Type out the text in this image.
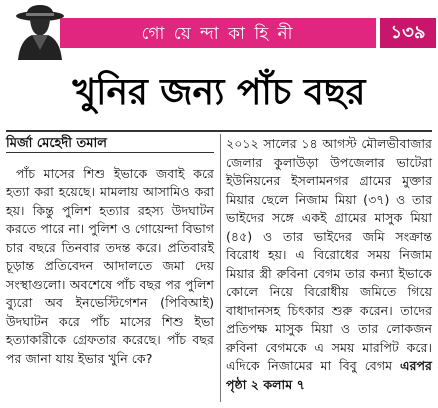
গো য়ে ন্দা কা হি নী	১৩৯
খুনির জন্য পাঁচ বছর

মির্জা মেহেদী তমাল

পাঁচ মাসের শিশু ইভাকে জবাই করে হত্যা করা হয়েছে। মামলায় আসামিও করা হয়। কিন্তু পুলিশ হত্যার রহস্য উদঘাটন করতে পারে না। পুলিশ ও গোয়েন্দা বিভাগ চার বছরে তিনবার তদন্ত করে। প্রতিবারই চূড়ান্ত প্রতিবেদন আদালতে জমা দেয় সংস্থাগুলো। অবশেষে পাঁচ বছর পর পুলিশ ব্যুরো অব ইনভেস্টিগেশন (পিবিআই) উদঘাটন করে পাঁচ মাসের শিশু ইভা হত্যাকারীকে গ্রেফতার করেছে। পাঁচ বছর পর জানা যায় ইভার খুনি কে?

২০১২ সালের ১৪ আগস্ট মৌলভীবাজার জেলার কুলাউড়া উপজেলার ভাটেরা ইউনিয়নের ইসলামনগর গ্রামের মুক্তার মিয়ার ছেলে নিজাম মিয়া (৩৭) ও তার ভাইদের সঙ্গে একই গ্রামের মাসুক মিয়া (৪৫) ও তার ভাইদের জমি সংক্রান্ত বিরোধ হয়। এ বিরোধের সময় নিজাম মিয়ার স্ত্রী রুবিনা বেগম তার কন্যা ইভাকে কোলে নিয়ে বিরোধীয় জমিতে গিয়ে বাধাদানসহ চিৎকার শুরু করেন। তাদের প্রতিপক্ষ মাসুক মিয়া ও তার লোকজন রুবিনা বেগমকে এ সময় মারপিট করে। এদিকে নিজামের মা বিবু বেগম এরপর পৃষ্ঠা ২ কলাম ৭
